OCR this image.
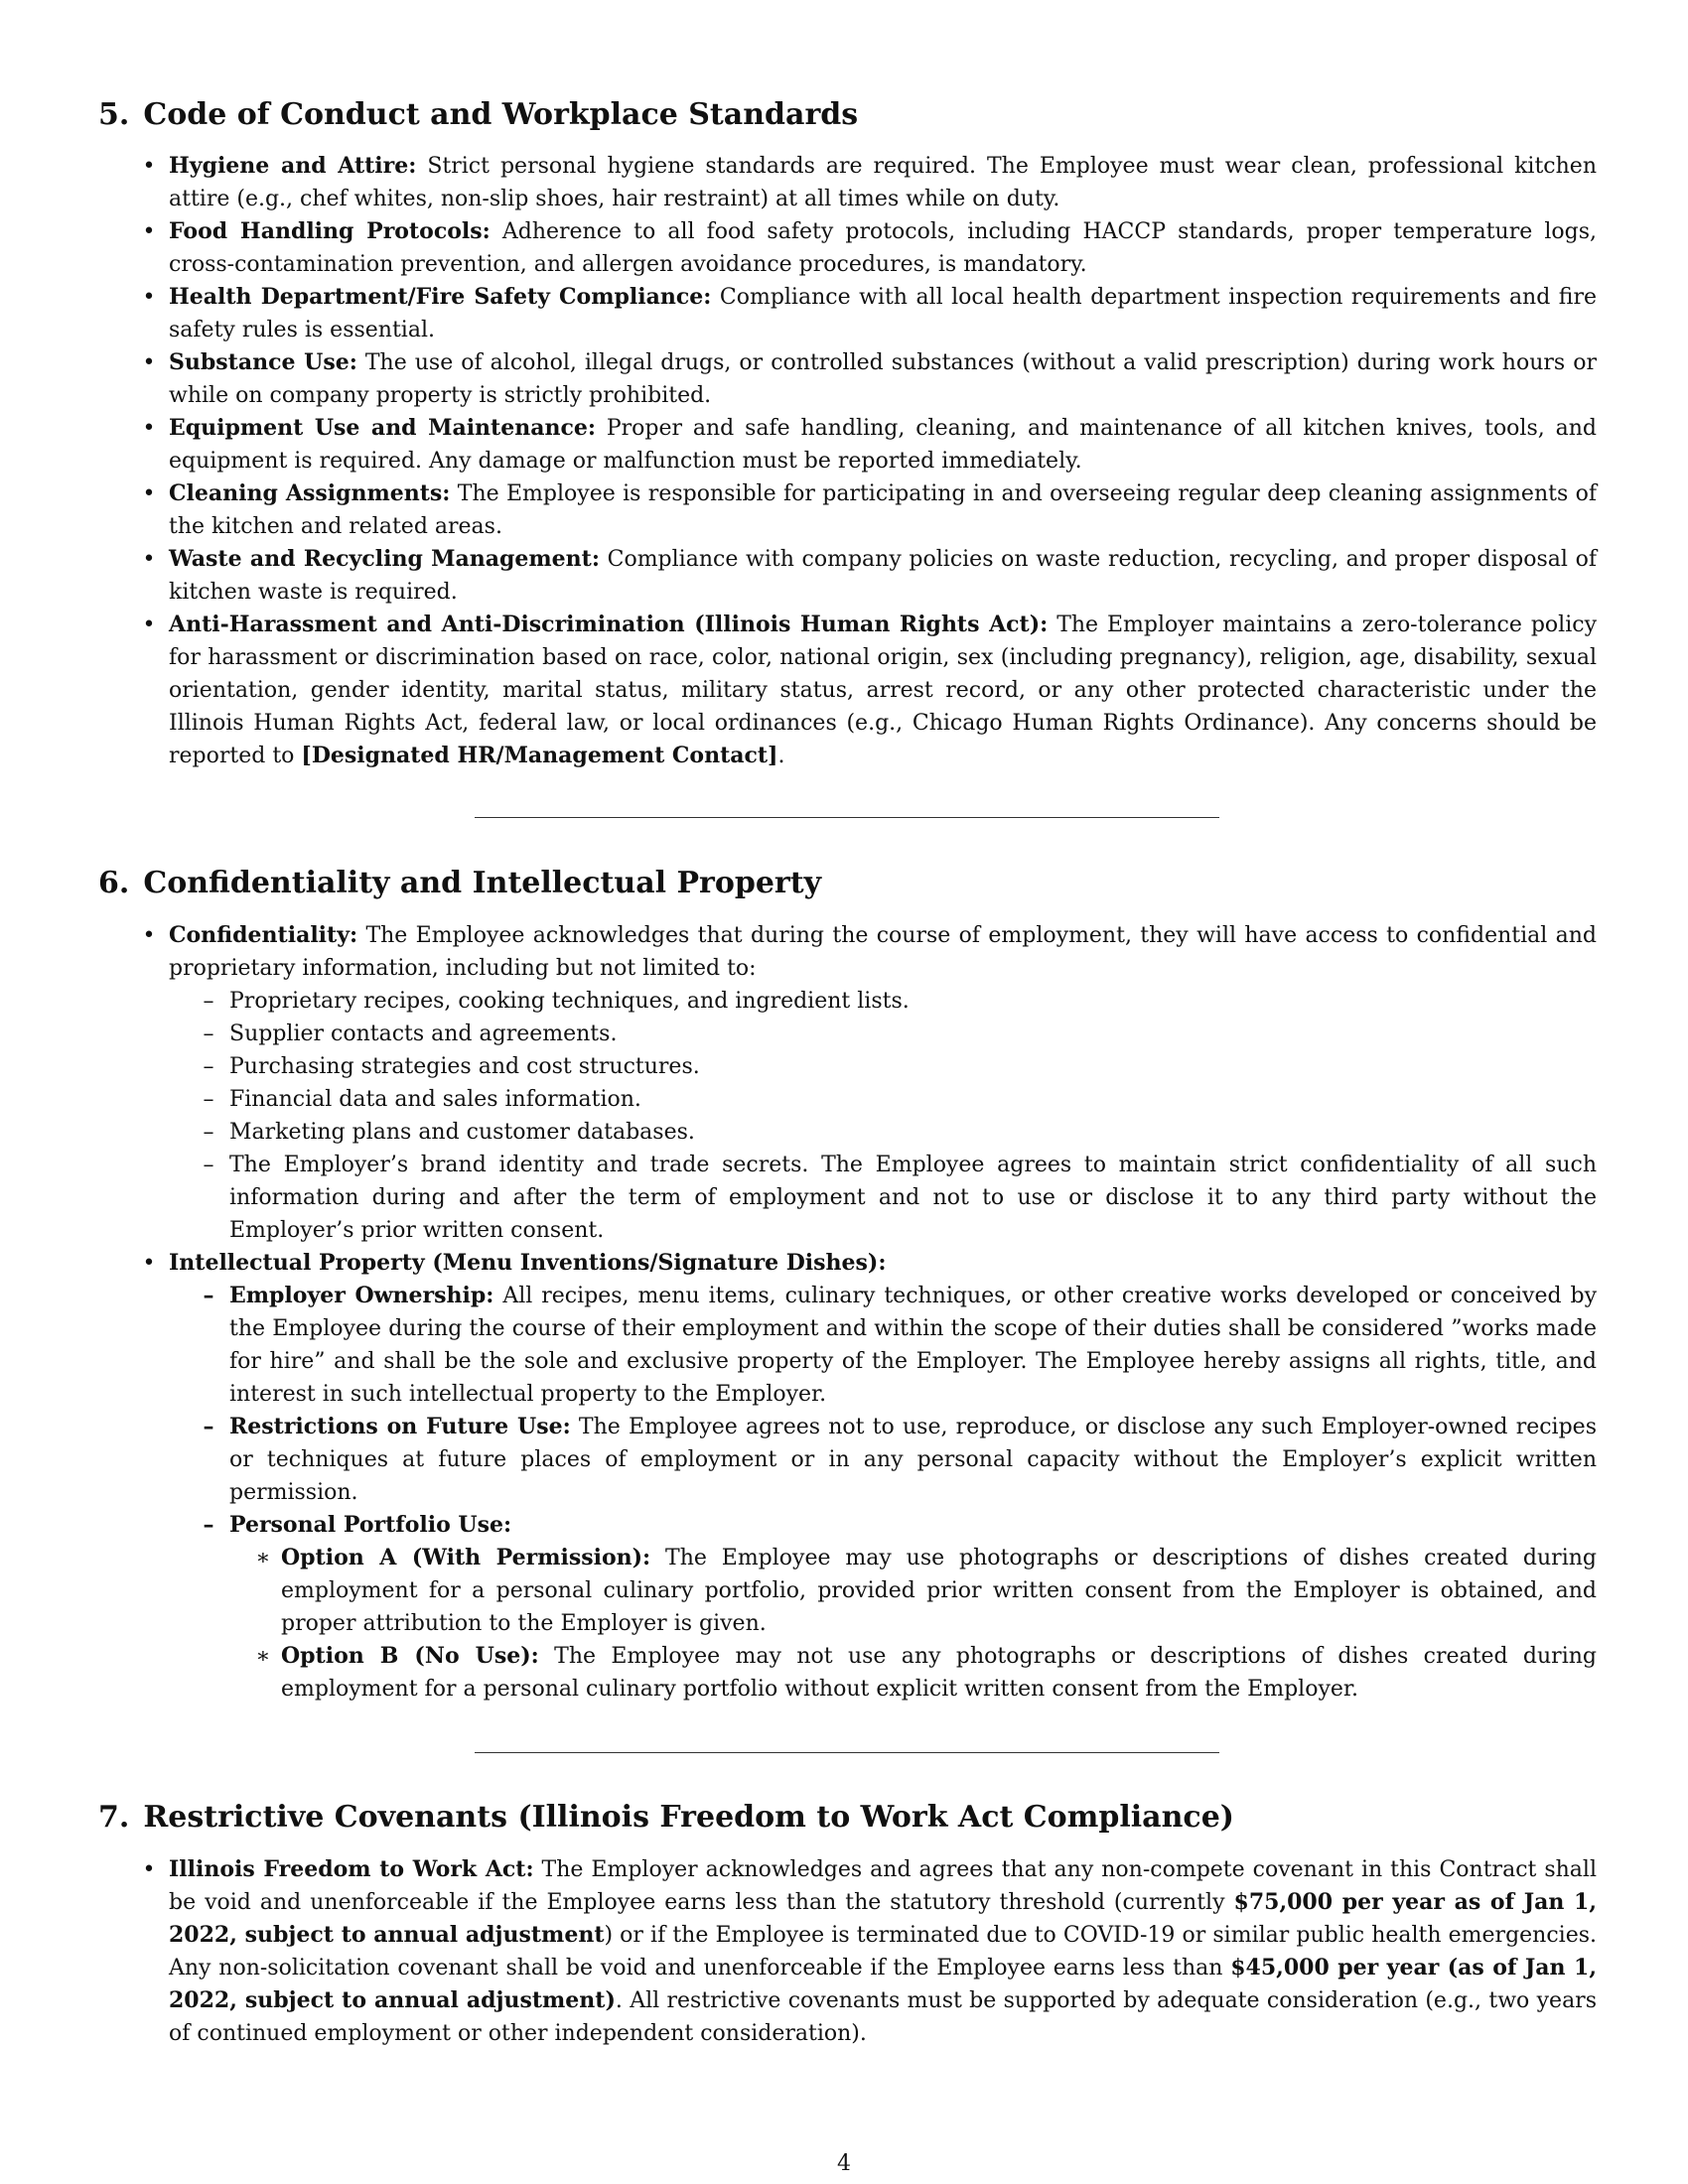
5. Code of Conduct and Workplace Standards
• Hygiene and Attire: Strict personal hygiene standards are required. The Employee must wear clean, professional kitchen attire (e.g., chef whites, non-slip shoes, hair restraint) at all times while on duty.
• Food Handling Protocols: Adherence to all food safety protocols, including HACCP standards, proper temperature logs, cross-contamination prevention, and allergen avoidance procedures, is mandatory.
• Health Department/Fire Safety Compliance: Compliance with all local health department inspection requirements and fire safety rules is essential.
• Substance Use: The use of alcohol, illegal drugs, or controlled substances (without a valid prescription) during work hours or while on company property is strictly prohibited.
• Equipment Use and Maintenance: Proper and safe handling, cleaning, and maintenance of all kitchen knives, tools, and equipment is required. Any damage or malfunction must be reported immediately.
• Cleaning Assignments: The Employee is responsible for participating in and overseeing regular deep cleaning assignments of the kitchen and related areas.
• Waste and Recycling Management: Compliance with company policies on waste reduction, recycling, and proper disposal of kitchen waste is required.
• Anti-Harassment and Anti-Discrimination (Illinois Human Rights Act): The Employer maintains a zero-tolerance policy for harassment or discrimination based on race, color, national origin, sex (including pregnancy), religion, age, disability, sexual orientation, gender identity, marital status, military status, arrest record, or any other protected characteristic under the Illinois Human Rights Act, federal law, or local ordinances (e.g., Chicago Human Rights Ordinance). Any concerns should be reported to [Designated HR/Management Contact].
6. Confidentiality and Intellectual Property
• Confidentiality: The Employee acknowledges that during the course of employment, they will have access to confidential and proprietary information, including but not limited to:
– Proprietary recipes, cooking techniques, and ingredient lists.
– Supplier contacts and agreements.
– Purchasing strategies and cost structures.
– Financial data and sales information.
– Marketing plans and customer databases.
– The Employer’s brand identity and trade secrets. The Employee agrees to maintain strict confidentiality of all such information during and after the term of employment and not to use or disclose it to any third party without the Employer’s prior written consent.
• Intellectual Property (Menu Inventions/Signature Dishes):
– Employer Ownership: All recipes, menu items, culinary techniques, or other creative works developed or conceived by the Employee during the course of their employment and within the scope of their duties shall be considered ”works made for hire” and shall be the sole and exclusive property of the Employer. The Employee hereby assigns all rights, title, and interest in such intellectual property to the Employer.
– Restrictions on Future Use: The Employee agrees not to use, reproduce, or disclose any such Employer-owned recipes or techniques at future places of employment or in any personal capacity without the Employer’s explicit written permission.
– Personal Portfolio Use:
∗ Option A (With Permission): The Employee may use photographs or descriptions of dishes created during employment for a personal culinary portfolio, provided prior written consent from the Employer is obtained, and proper attribution to the Employer is given.
∗ Option B (No Use): The Employee may not use any photographs or descriptions of dishes created during employment for a personal culinary portfolio without explicit written consent from the Employer.
7. Restrictive Covenants (Illinois Freedom to Work Act Compliance)
• Illinois Freedom to Work Act: The Employer acknowledges and agrees that any non-compete covenant in this Contract shall be void and unenforceable if the Employee earns less than the statutory threshold (currently $75,000 per year as of Jan 1, 2022, subject to annual adjustment) or if the Employee is terminated due to COVID-19 or similar public health emergencies. Any non-solicitation covenant shall be void and unenforceable if the Employee earns less than $45,000 per year (as of Jan 1, 2022, subject to annual adjustment). All restrictive covenants must be supported by adequate consideration (e.g., two years of continued employment or other independent consideration).
4
